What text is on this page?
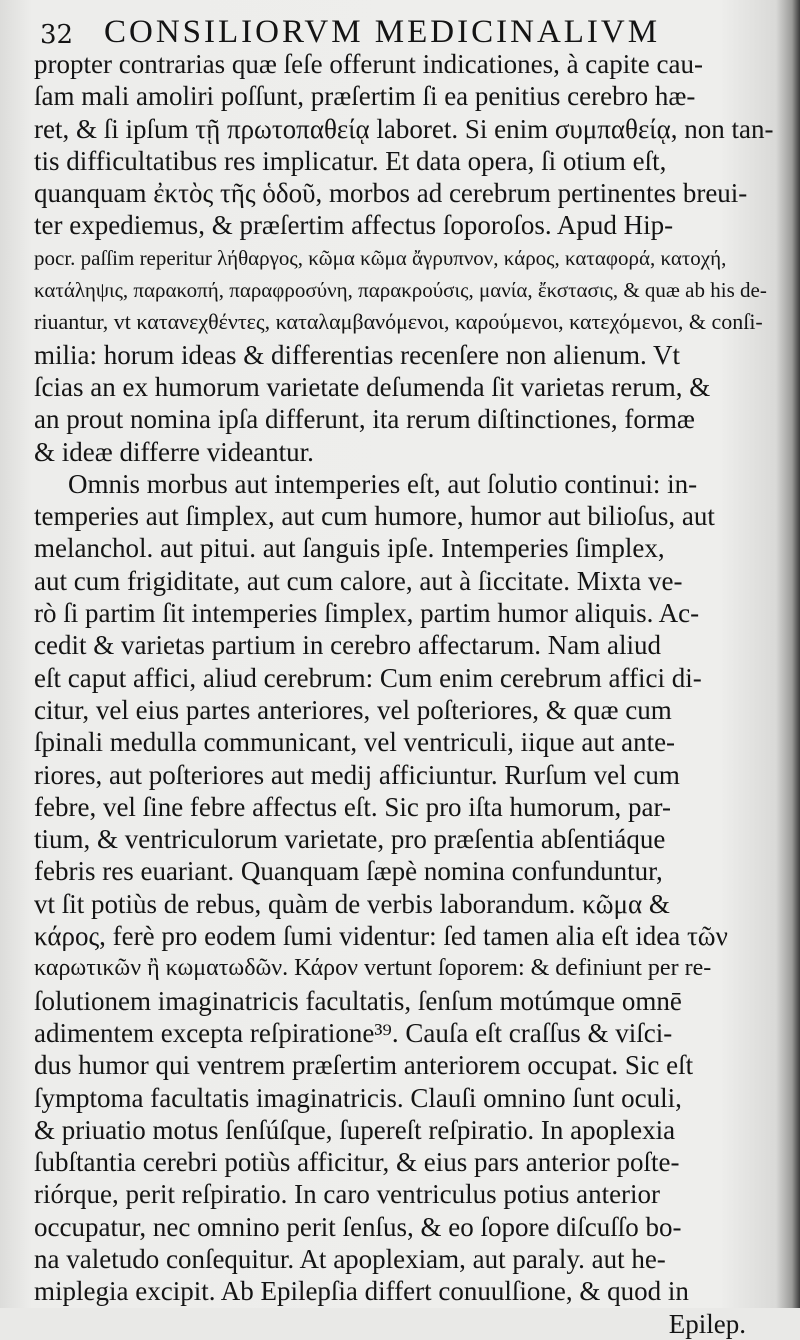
32 CONSILIORVM MEDICINALIVM
propter contrarias quæ ſeſe offerunt indicationes, à capite cau-
ſam mali amoliri poſſunt, præſertim ſi ea penitius cerebro hæ-
ret, & ſi ipſum τῇ πρωτοπαθείᾳ laboret. Si enim συμπαθείᾳ, non tan-
tis difficultatibus res implicatur. Et data opera, ſi otium eſt,
quanquam ἐκτὸς τῆς ὁδοῦ, morbos ad cerebrum pertinentes breui-
ter expediemus, & præſertim affectus ſoporoſos. Apud Hip-
pocr. paſſim reperitur λήθαργος, κῶμα κῶμα ἄγρυπνον, κάρος, καταφορά, κατοχή,
κατάληψις, παρακοπή, παραφροσύνη, παρακρούσις, μανία, ἔκστασις, & quæ ab his de-
riuantur, vt κατανεχθέντες, καταλαμβανόμενοι, καρούμενοι, κατεχόμενοι, & conſi-
milia: horum ideas & differentias recenſere non alienum. Vt
ſcias an ex humorum varietate deſumenda ſit varietas rerum, &
an prout nomina ipſa differunt, ita rerum diſtinctiones, formæ
& ideæ differre videantur.
Omnis morbus aut intemperies eſt, aut ſolutio continui: in-
temperies aut ſimplex, aut cum humore, humor aut bilioſus, aut
melanchol. aut pitui. aut ſanguis ipſe. Intemperies ſimplex,
aut cum frigiditate, aut cum calore, aut à ſiccitate. Mixta ve-
rò ſi partim ſit intemperies ſimplex, partim humor aliquis. Ac-
cedit & varietas partium in cerebro affectarum. Nam aliud
eſt caput affici, aliud cerebrum: Cum enim cerebrum affici di-
citur, vel eius partes anteriores, vel poſteriores, & quæ cum
ſpinali medulla communicant, vel ventriculi, iique aut ante-
riores, aut poſteriores aut medij afficiuntur. Rurſum vel cum
febre, vel ſine febre affectus eſt. Sic pro iſta humorum, par-
tium, & ventriculorum varietate, pro præſentia abſentiáque
febris res euariant. Quanquam ſæpè nomina confunduntur,
vt ſit potiùs de rebus, quàm de verbis laborandum. κῶμα &
κάρος, ferè pro eodem ſumi videntur: ſed tamen alia eſt idea τῶν
καρωτικῶν ἢ κωματωδῶν. Κάρον vertunt ſoporem: & definiunt per re-
ſolutionem imaginatricis facultatis, ſenſum motúmque omnē
adimentem excepta reſpiratione³⁹. Cauſa eſt craſſus & viſci-
dus humor qui ventrem præſertim anteriorem occupat. Sic eſt
ſymptoma facultatis imaginatricis. Clauſi omnino ſunt oculi,
& priuatio motus ſenſúſque, ſupereſt reſpiratio. In apoplexia
ſubſtantia cerebri potiùs afficitur, & eius pars anterior poſte-
riórque, perit reſpiratio. In caro ventriculus potius anterior
occupatur, nec omnino perit ſenſus, & eo ſopore diſcuſſo bo-
na valetudo conſequitur. At apoplexiam, aut paraly. aut he-
miplegia excipit. Ab Epilepſia differt conuulſione, & quod in
Epilep.
